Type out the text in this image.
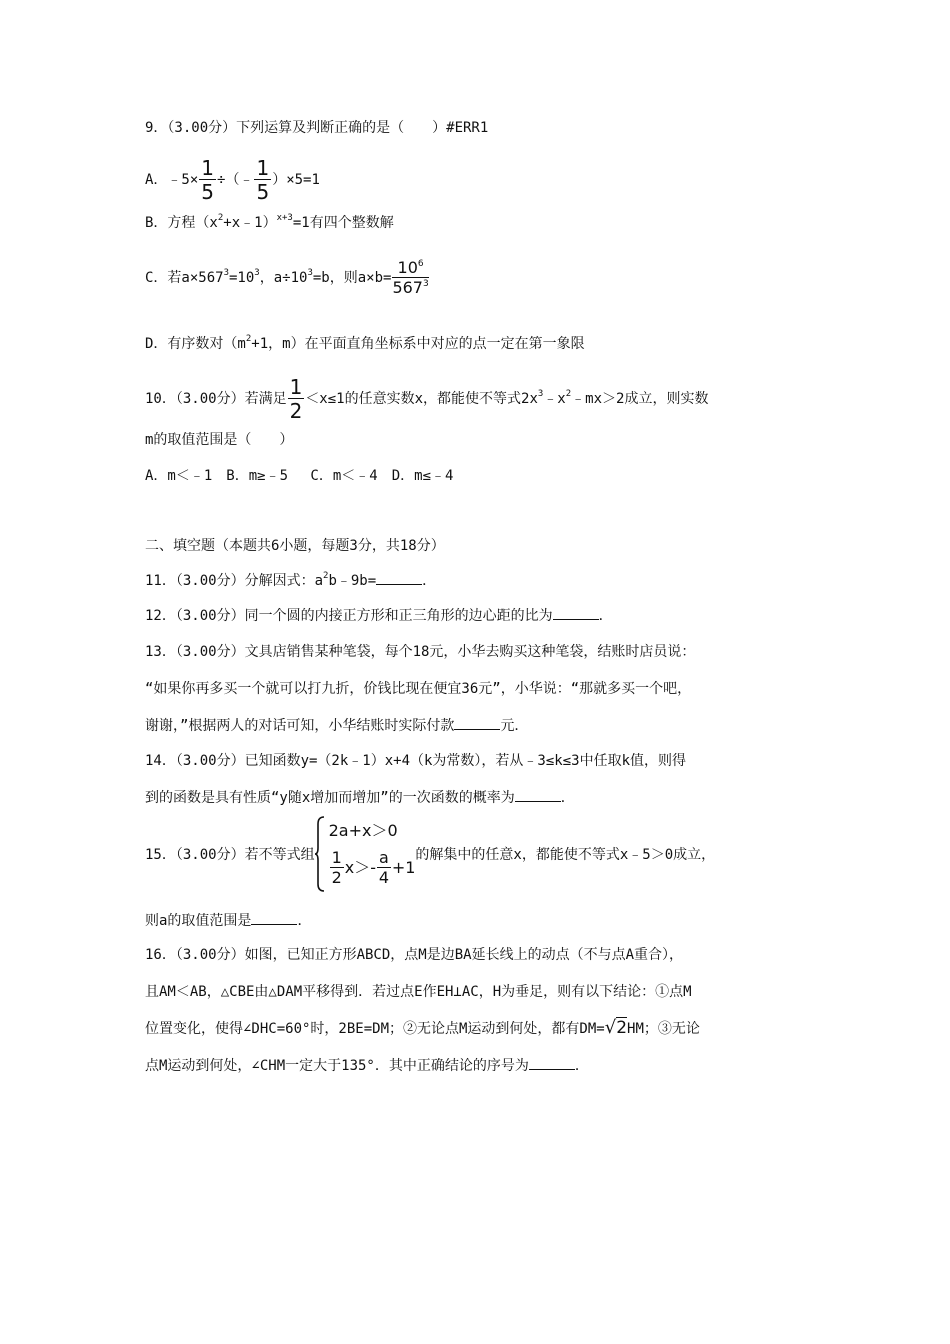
9．（3.00分）下列运算及判断正确的是（　　）#ERR1
A．﹣5× $\frac{1}{5}$ ÷（﹣ $\frac{1}{5} )\times 5=1$
B．方程$(x^2+x﹣1)^{x+3}=1$有四个整数解
C．若$a\times 567^3=10^3$，$a\div 10^3=b$，则$a\times b= \frac{10^6}{567^3}$
D．有序数对（$m^2+1$，m）在平面直角坐标系中对应的点一定在第一象限
10．（3.00分）若满足 $\frac{1}{2} <x\le 1$的任意实数x，都能使不等式$2x^3﹣x^2﹣mx>2$成立，则实数
m的取值范围是（　　）
A．m＜﹣1　B．m≥﹣5　 C．m＜﹣4　D．m≤﹣4
二、填空题（本题共6小题，每题3分，共18分）
11．（3.00分）分解因式：$a^2b﹣9b=$	．
12．（3.00分）同一个圆的内接正方形和正三角形的边心距的比为	．
13．（3.00分）文具店销售某种笔袋，每个18元，小华去购买这种笔袋，结账时店员说：
“如果你再多买一个就可以打九折，价钱比现在便宜36元”，小华说：“那就多买一个吧，
谢谢，”根据两人的对话可知，小华结账时实际付款	元．
14．（3.00分）已知函数y=（2k﹣1）x+4（k为常数），若从﹣3≤k≤3中任取k值，则得
到的函数是具有性质“y随x增加而增加”的一次函数的概率为	．
15．（3.00分）若不等式组
2a+x＞0
$\frac{1}{2} x>- \frac{a}{4} +1$
的解集中的任意x，都能使不等式x﹣5＞0成立，
则a的取值范围是	．
16．（3.00分）如图，已知正方形ABCD，点M是边BA延长线上的动点（不与点A重合），
且AM＜AB，△CBE由△DAM平移得到．若过点E作EH⊥AC，H为垂足，则有以下结论：①点M
位置变化，使得∠DHC=60°时，2BE=DM；②无论点M运动到何处，都有DM=√2HM；③无论
点M运动到何处，∠CHM一定大于135°．其中正确结论的序号为	．
